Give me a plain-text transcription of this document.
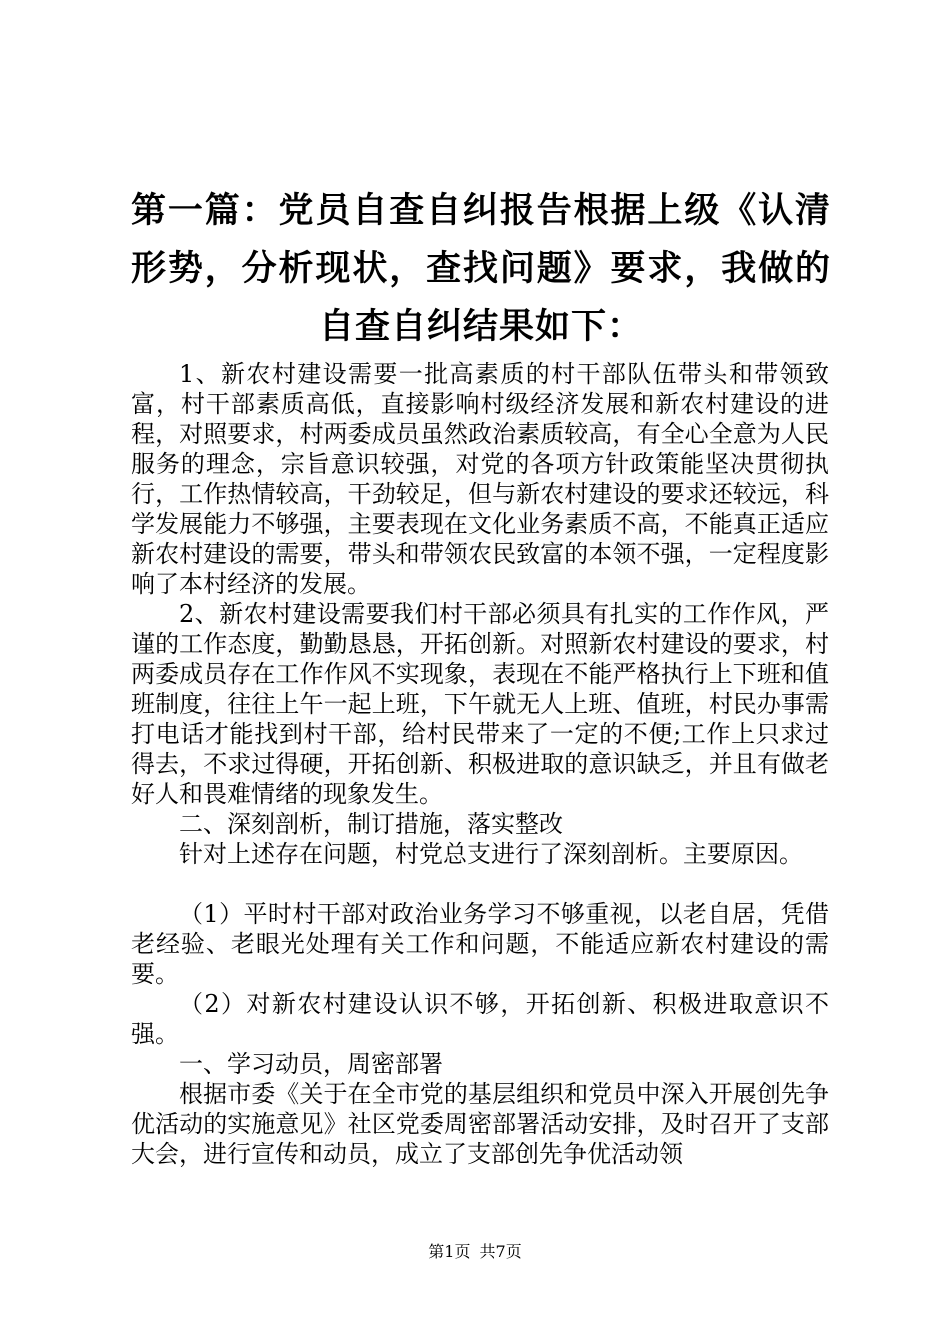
第一篇：党员自查自纠报告根据上级《认清形势，分析现状，查找问题》要求，我做的自查自纠结果如下：

1、新农村建设需要一批高素质的村干部队伍带头和带领致富，村干部素质高低，直接影响村级经济发展和新农村建设的进程，对照要求，村两委成员虽然政治素质较高，有全心全意为人民服务的理念，宗旨意识较强，对党的各项方针政策能坚决贯彻执行，工作热情较高，干劲较足，但与新农村建设的要求还较远，科学发展能力不够强，主要表现在文化业务素质不高，不能真正适应新农村建设的需要，带头和带领农民致富的本领不强，一定程度影响了本村经济的发展。

2、新农村建设需要我们村干部必须具有扎实的工作作风，严谨的工作态度，勤勤恳恳，开拓创新。对照新农村建设的要求，村两委成员存在工作作风不实现象，表现在不能严格执行上下班和值班制度，往往上午一起上班，下午就无人上班、值班，村民办事需打电话才能找到村干部，给村民带来了一定的不便;工作上只求过得去，不求过得硬，开拓创新、积极进取的意识缺乏，并且有做老好人和畏难情绪的现象发生。

二、深刻剖析，制订措施，落实整改

针对上述存在问题，村党总支进行了深刻剖析。主要原因。

（1）平时村干部对政治业务学习不够重视，以老自居，凭借老经验、老眼光处理有关工作和问题，不能适应新农村建设的需要。

（2）对新农村建设认识不够，开拓创新、积极进取意识不强。

一、学习动员，周密部署

根据市委《关于在全市党的基层组织和党员中深入开展创先争优活动的实施意见》社区党委周密部署活动安排，及时召开了支部大会，进行宣传和动员，成立了支部创先争优活动领

第1页 共7页
